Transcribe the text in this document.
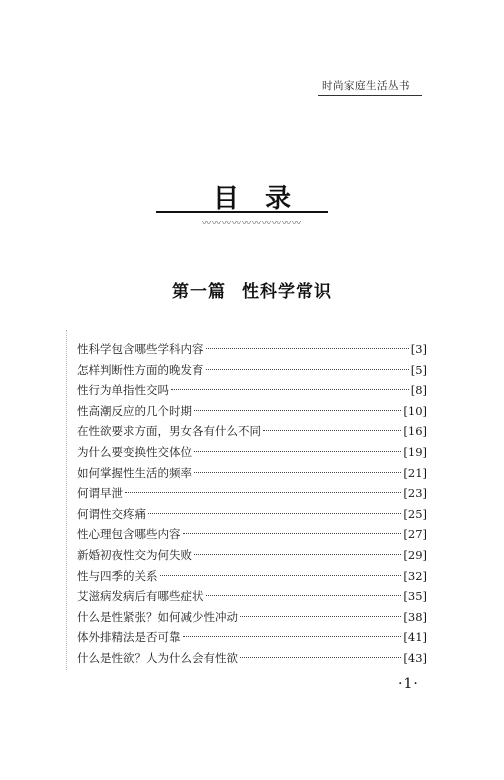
时尚家庭生活丛书
目录
〰〰〰〰〰〰〰〰〰〰
第一篇 性科学常识
性科学包含哪些学科内容	[3]
怎样判断性方面的晚发育	[5]
性行为单指性交吗	[8]
性高潮反应的几个时期	[10]
在性欲要求方面，男女各有什么不同	[16]
为什么要变换性交体位	[19]
如何掌握性生活的频率	[21]
何谓早泄	[23]
何谓性交疼痛	[25]
性心理包含哪些内容	[27]
新婚初夜性交为何失败	[29]
性与四季的关系	[32]
艾滋病发病后有哪些症状	[35]
什么是性紧张？如何减少性冲动	[38]
体外排精法是否可靠	[41]
什么是性欲？人为什么会有性欲	[43]
·1·
